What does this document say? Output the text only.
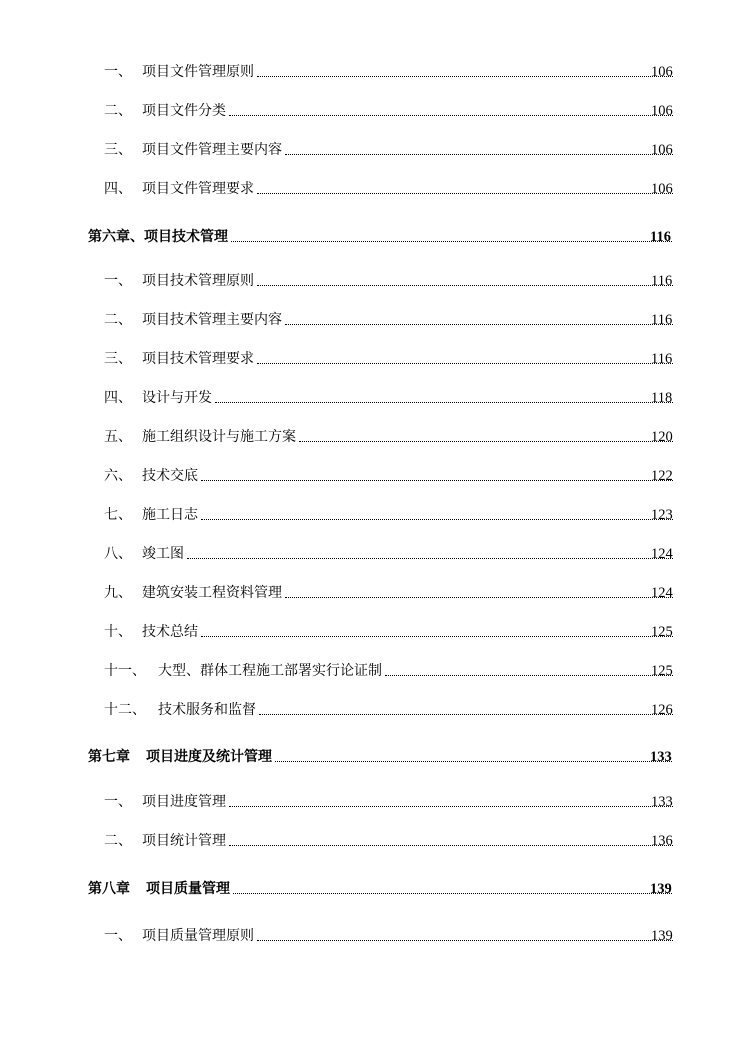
一、 项目文件管理原则	106
二、 项目文件分类	106
三、 项目文件管理主要内容	106
四、 项目文件管理要求	106
第六章、 项目技术管理	116
一、 项目技术管理原则	116
二、 项目技术管理主要内容	116
三、 项目技术管理要求	116
四、 设计与开发	118
五、 施工组织设计与施工方案	120
六、 技术交底	122
七、 施工日志	123
八、 竣工图	124
九、 建筑安装工程资料管理	124
十、 技术总结	125
十一、 大型、群体工程施工部署实行论证制	125
十二、 技术服务和监督	126
第七章 项目进度及统计管理	133
一、 项目进度管理	133
二、 项目统计管理	136
第八章 项目质量管理	139
一、 项目质量管理原则	139
